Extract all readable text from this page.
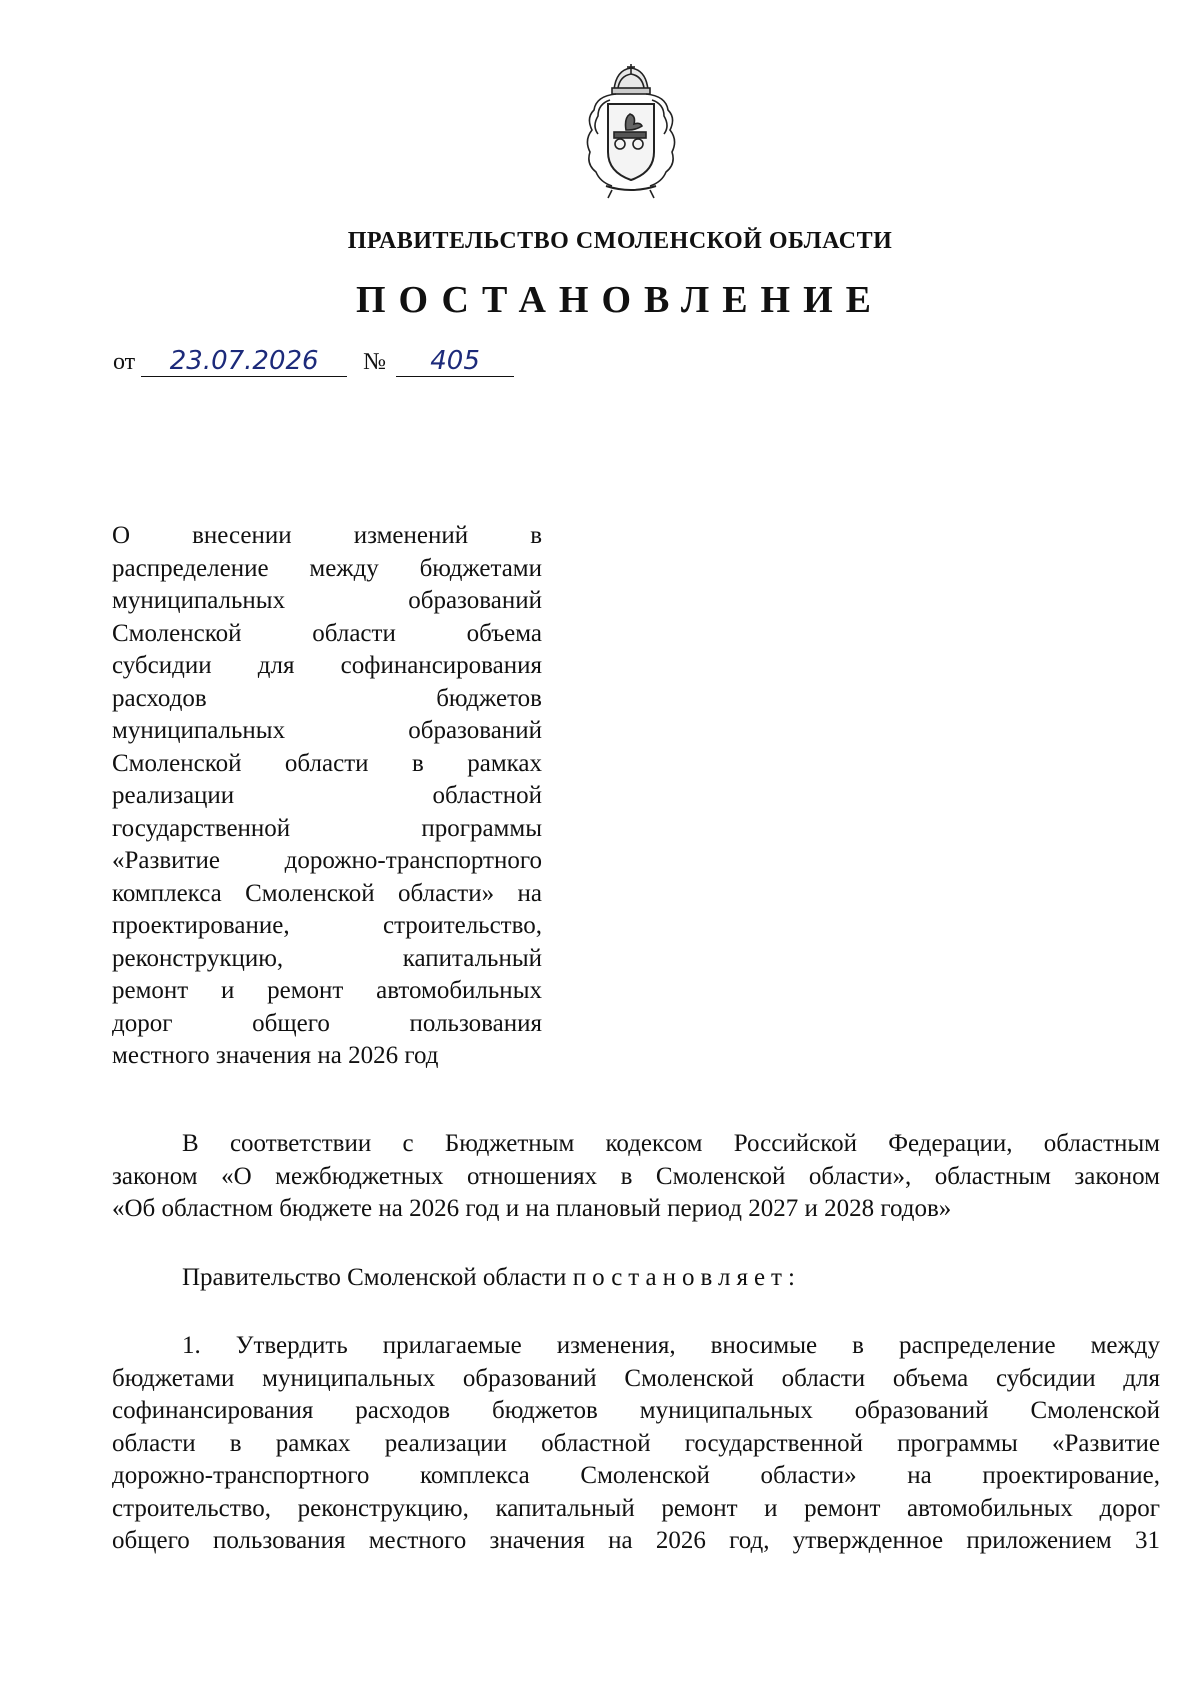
ПРАВИТЕЛЬСТВО СМОЛЕНСКОЙ ОБЛАСТИ
ПОСТАНОВЛЕНИЕ
от 23.07.2026 № 405
О внесении изменений в
распределение между бюджетами
муниципальных образований
Смоленской области объема
субсидии для софинансирования
расходов бюджетов
муниципальных образований
Смоленской области в рамках
реализации областной
государственной программы
«Развитие дорожно-транспортного
комплекса Смоленской области» на
проектирование, строительство,
реконструкцию, капитальный
ремонт и ремонт автомобильных
дорог общего пользования
местного значения на 2026 год
В соответствии с Бюджетным кодексом Российской Федерации, областным
законом «О межбюджетных отношениях в Смоленской области», областным законом
«Об областном бюджете на 2026 год и на плановый период 2027 и 2028 годов»
Правительство Смоленской области постановляет:
1. Утвердить прилагаемые изменения, вносимые в распределение между
бюджетами муниципальных образований Смоленской области объема субсидии для
софинансирования расходов бюджетов муниципальных образований Смоленской
области в рамках реализации областной государственной программы «Развитие
дорожно-транспортного комплекса Смоленской области» на проектирование,
строительство, реконструкцию, капитальный ремонт и ремонт автомобильных дорог
общего пользования местного значения на 2026 год, утвержденное приложением 31
